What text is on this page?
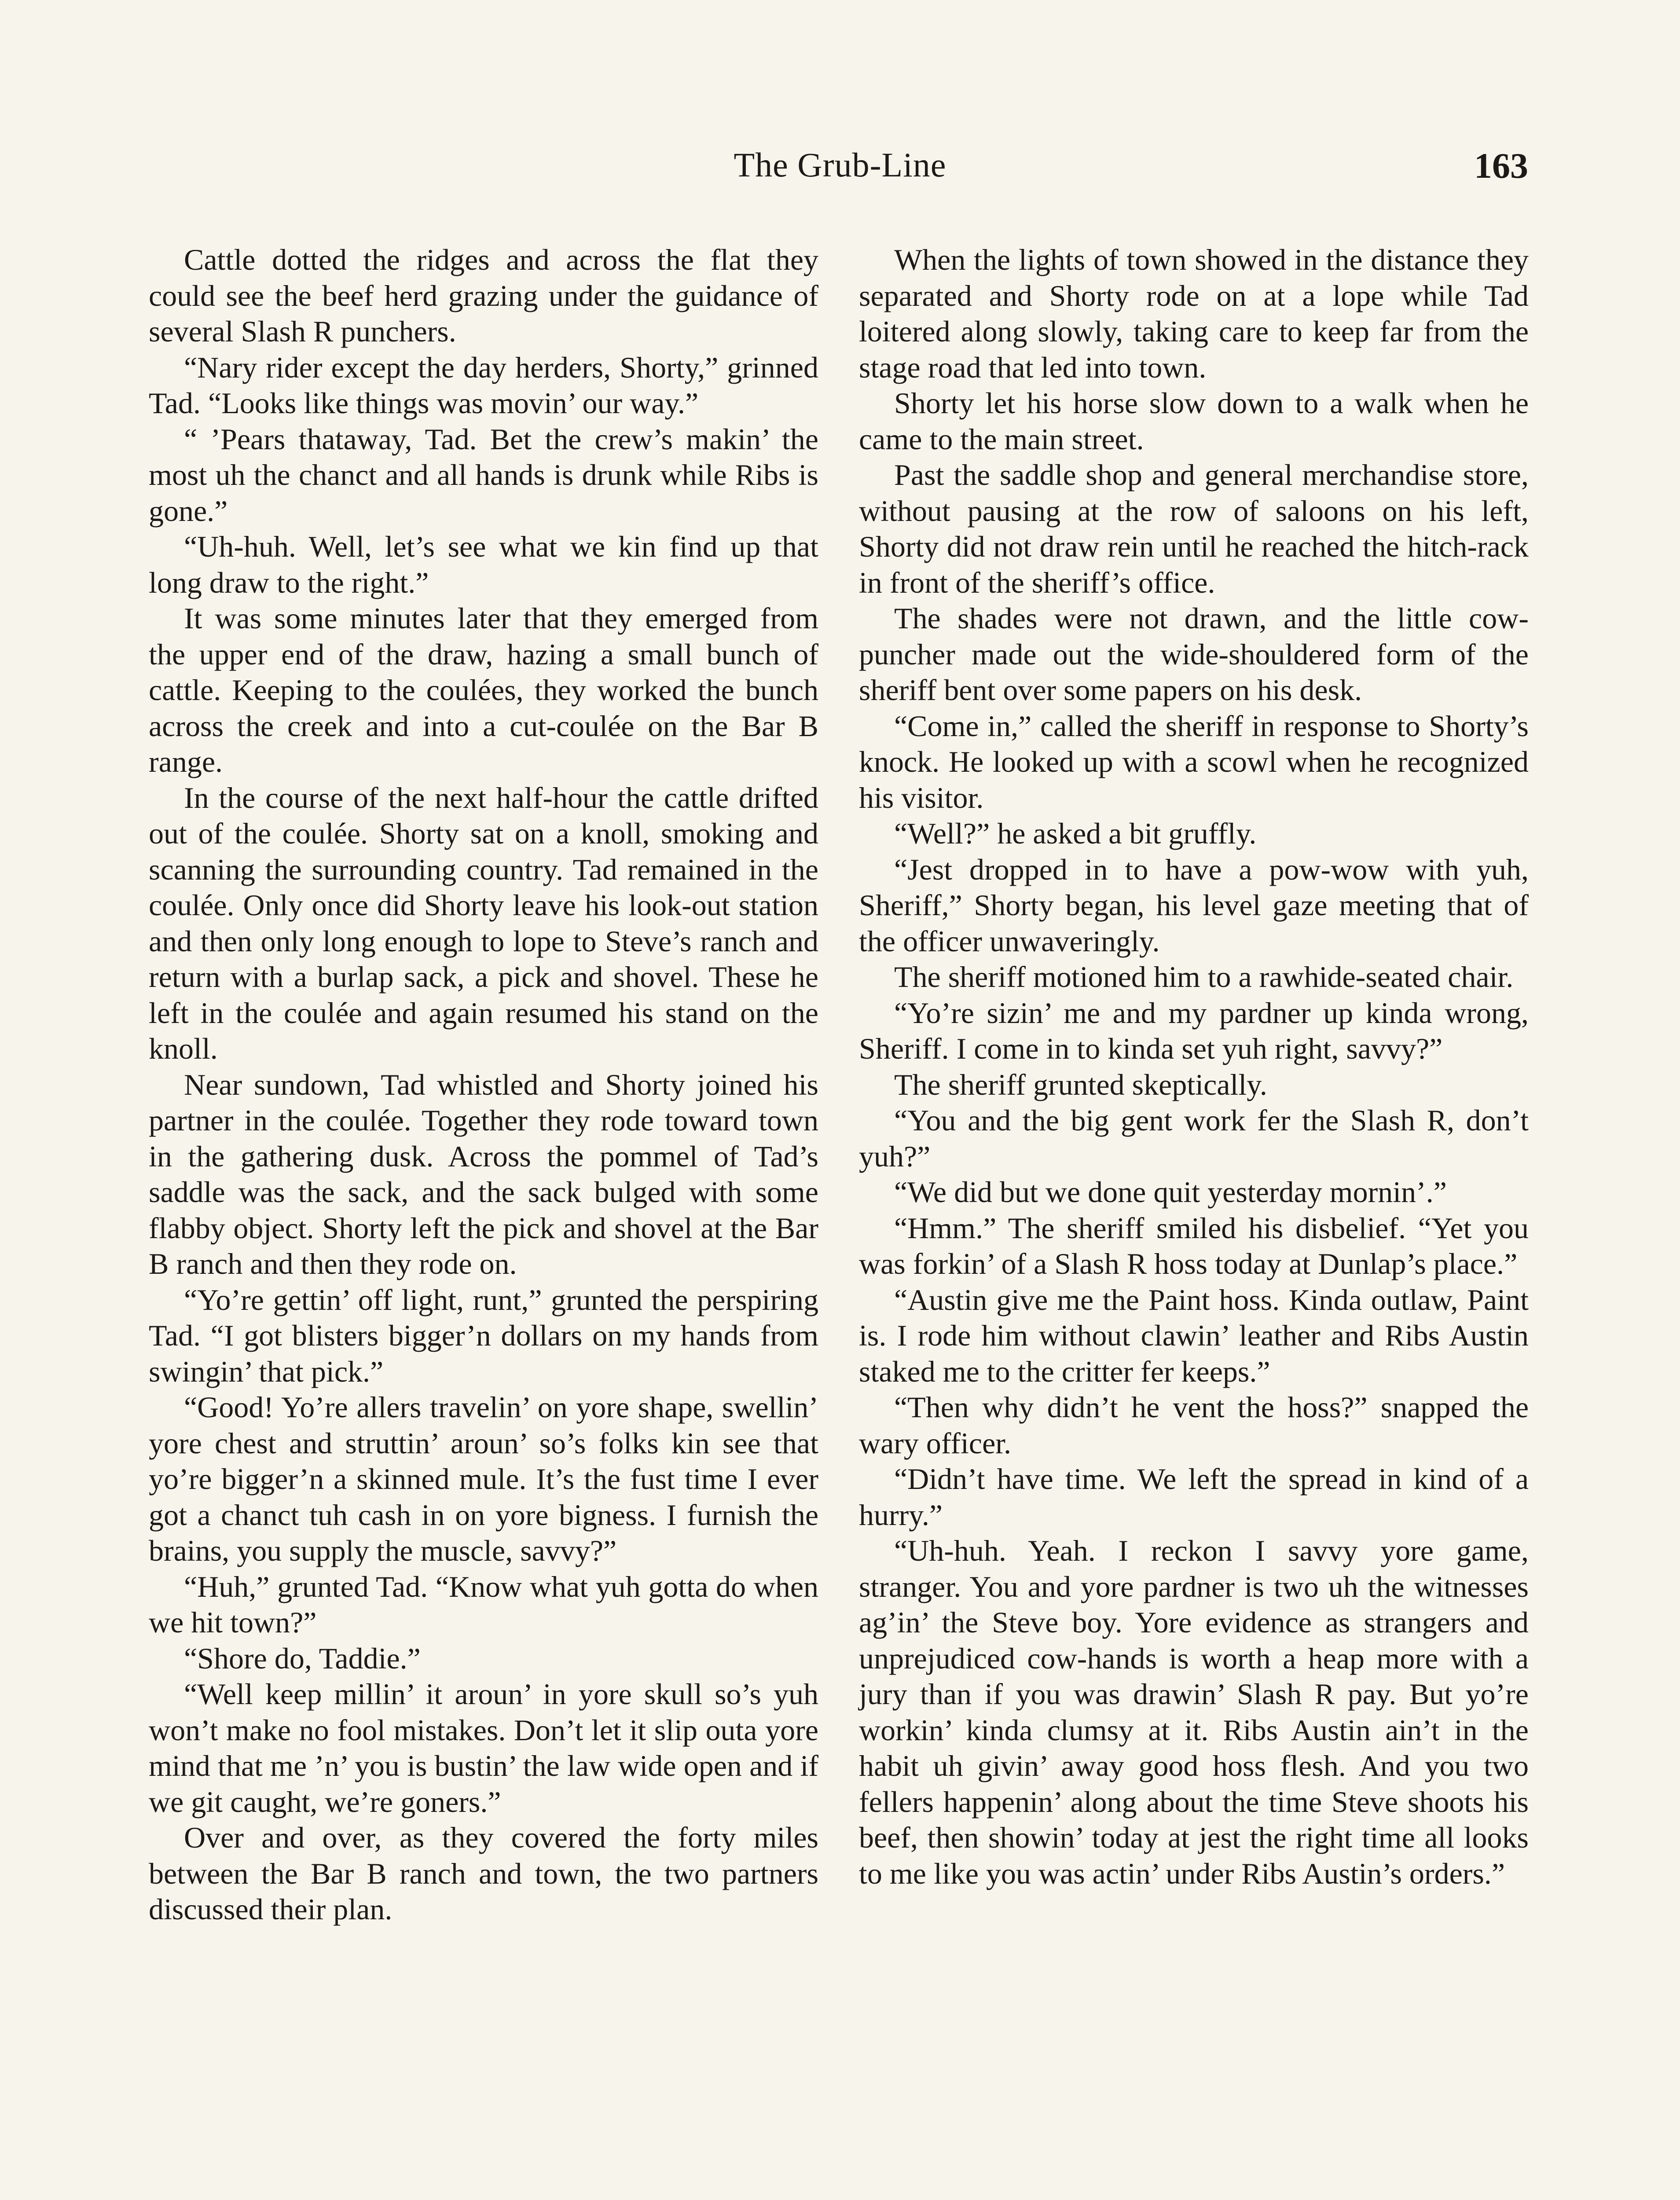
The Grub-Line	163

Cattle dotted the ridges and across the flat they could see the beef herd grazing under the guidance of several Slash R punchers.

“Nary rider except the day herders, Shorty,” grinned Tad. “Looks like things was movin’ our way.”

“ ’Pears thataway, Tad. Bet the crew’s makin’ the most uh the chanct and all hands is drunk while Ribs is gone.”

“Uh-huh. Well, let’s see what we kin find up that long draw to the right.”

It was some minutes later that they emerged from the upper end of the draw, hazing a small bunch of cattle. Keeping to the coulées, they worked the bunch across the creek and into a cut-coulée on the Bar B range.

In the course of the next half-hour the cattle drifted out of the coulée. Shorty sat on a knoll, smoking and scanning the surrounding country. Tad remained in the coulée. Only once did Shorty leave his look-out station and then only long enough to lope to Steve’s ranch and return with a burlap sack, a pick and shovel. These he left in the coulée and again resumed his stand on the knoll.

Near sundown, Tad whistled and Shorty joined his partner in the coulée. Together they rode toward town in the gathering dusk. Across the pommel of Tad’s saddle was the sack, and the sack bulged with some flabby object. Shorty left the pick and shovel at the Bar B ranch and then they rode on.

“Yo’re gettin’ off light, runt,” grunted the perspiring Tad. “I got blisters bigger’n dollars on my hands from swingin’ that pick.”

“Good! Yo’re allers travelin’ on yore shape, swellin’ yore chest and struttin’ aroun’ so’s folks kin see that yo’re bigger’n a skinned mule. It’s the fust time I ever got a chanct tuh cash in on yore bigness. I furnish the brains, you supply the muscle, savvy?”

“Huh,” grunted Tad. “Know what yuh gotta do when we hit town?”

“Shore do, Taddie.”

“Well keep millin’ it aroun’ in yore skull so’s yuh won’t make no fool mistakes. Don’t let it slip outa yore mind that me ’n’ you is bustin’ the law wide open and if we git caught, we’re goners.”

Over and over, as they covered the forty miles between the Bar B ranch and town, the two partners discussed their plan.

When the lights of town showed in the distance they separated and Shorty rode on at a lope while Tad loitered along slowly, taking care to keep far from the stage road that led into town.

Shorty let his horse slow down to a walk when he came to the main street.

Past the saddle shop and general merchandise store, without pausing at the row of saloons on his left, Shorty did not draw rein until he reached the hitch-rack in front of the sheriff’s office.

The shades were not drawn, and the little cow-puncher made out the wide-shouldered form of the sheriff bent over some papers on his desk.

“Come in,” called the sheriff in response to Shorty’s knock. He looked up with a scowl when he recognized his visitor.

“Well?” he asked a bit gruffly.

“Jest dropped in to have a pow-wow with yuh, Sheriff,” Shorty began, his level gaze meeting that of the officer unwaveringly.

The sheriff motioned him to a rawhide-seated chair.

“Yo’re sizin’ me and my pardner up kinda wrong, Sheriff. I come in to kinda set yuh right, savvy?”

The sheriff grunted skeptically.

“You and the big gent work fer the Slash R, don’t yuh?”

“We did but we done quit yesterday mornin’.”

“Hmm.” The sheriff smiled his disbelief. “Yet you was forkin’ of a Slash R hoss today at Dunlap’s place.”

“Austin give me the Paint hoss. Kinda outlaw, Paint is. I rode him without clawin’ leather and Ribs Austin staked me to the critter fer keeps.”

“Then why didn’t he vent the hoss?” snapped the wary officer.

“Didn’t have time. We left the spread in kind of a hurry.”

“Uh-huh. Yeah. I reckon I savvy yore game, stranger. You and yore pardner is two uh the witnesses ag’in’ the Steve boy. Yore evidence as strangers and unprejudiced cow-hands is worth a heap more with a jury than if you was drawin’ Slash R pay. But yo’re workin’ kinda clumsy at it. Ribs Austin ain’t in the habit uh givin’ away good hoss flesh. And you two fellers happenin’ along about the time Steve shoots his beef, then showin’ today at jest the right time all looks to me like you was actin’ under Ribs Austin’s orders.”
